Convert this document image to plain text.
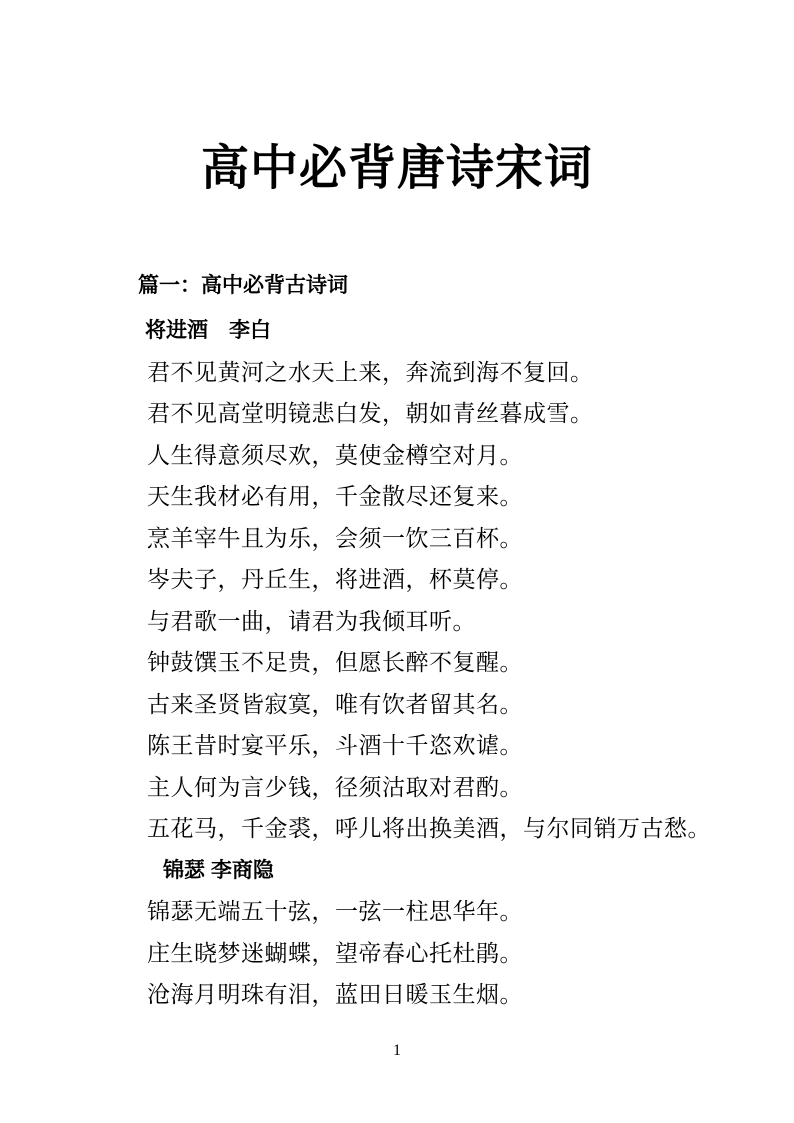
高中必背唐诗宋词

篇一：高中必背古诗词

将进酒　李白

君不见黄河之水天上来，奔流到海不复回。

君不见高堂明镜悲白发，朝如青丝暮成雪。

人生得意须尽欢，莫使金樽空对月。

天生我材必有用，千金散尽还复来。

烹羊宰牛且为乐，会须一饮三百杯。

岑夫子，丹丘生，将进酒，杯莫停。

与君歌一曲，请君为我倾耳听。

钟鼓馔玉不足贵，但愿长醉不复醒。

古来圣贤皆寂寞，唯有饮者留其名。

陈王昔时宴平乐，斗酒十千恣欢谑。

主人何为言少钱，径须沽取对君酌。

五花马，千金裘，呼儿将出换美酒，与尔同销万古愁。

锦瑟 李商隐

锦瑟无端五十弦，一弦一柱思华年。

庄生晓梦迷蝴蝶，望帝春心托杜鹃。

沧海月明珠有泪，蓝田日暖玉生烟。

1
